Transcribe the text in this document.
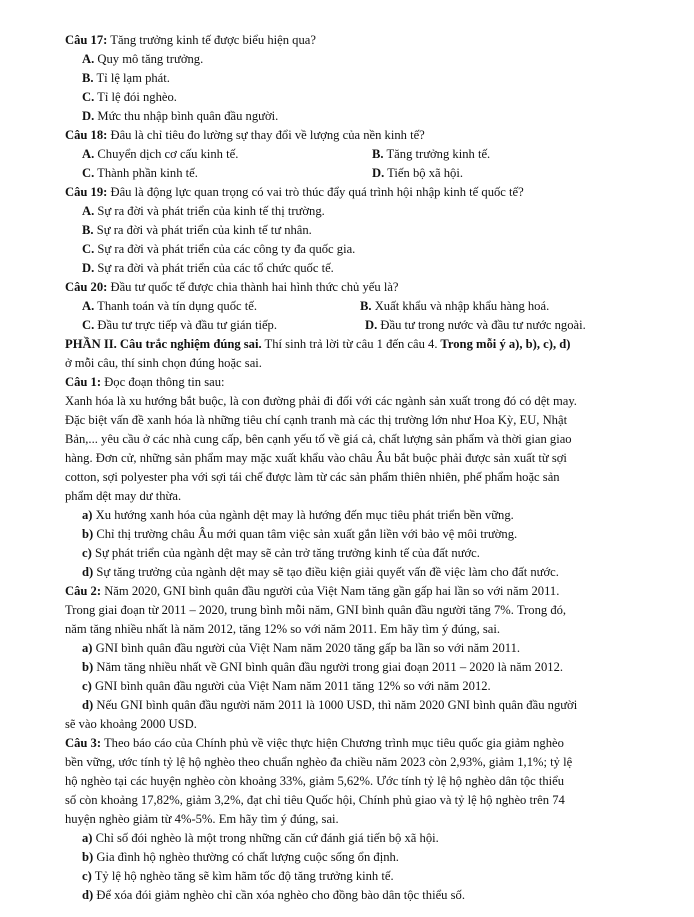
Câu 17: Tăng trưởng kinh tế được biểu hiện qua?
A. Quy mô tăng trưởng.
B. Tỉ lệ lạm phát.
C. Tỉ lệ đói nghèo.
D. Mức thu nhập bình quân đầu người.
Câu 18: Đâu là chỉ tiêu đo lường sự thay đổi về lượng của nền kinh tế?
A. Chuyển dịch cơ cấu kinh tế.	B. Tăng trưởng kinh tế.
C. Thành phần kinh tế.	D. Tiến bộ xã hội.
Câu 19: Đâu là động lực quan trọng có vai trò thúc đẩy quá trình hội nhập kinh tế quốc tế?
A. Sự ra đời và phát triển của kinh tế thị trường.
B. Sự ra đời và phát triển của kinh tế tư nhân.
C. Sự ra đời và phát triển của các công ty đa quốc gia.
D. Sự ra đời và phát triển của các tổ chức quốc tế.
Câu 20: Đầu tư quốc tế được chia thành hai hình thức chủ yếu là?
A. Thanh toán và tín dụng quốc tế.	B. Xuất khẩu và nhập khẩu hàng hoá.
C. Đầu tư trực tiếp và đầu tư gián tiếp.	D. Đầu tư trong nước và đầu tư nước ngoài.
PHẦN II. Câu trắc nghiệm đúng sai. Thí sinh trả lời từ câu 1 đến câu 4. Trong mỗi ý a), b), c), d)
ở mỗi câu, thí sinh chọn đúng hoặc sai.
Câu 1: Đọc đoạn thông tin sau:
Xanh hóa là xu hướng bắt buộc, là con đường phải đi đối với các ngành sản xuất trong đó có dệt may.
Đặc biệt vấn đề xanh hóa là những tiêu chí cạnh tranh mà các thị trường lớn như Hoa Kỳ, EU, Nhật
Bản,... yêu cầu ở các nhà cung cấp, bên cạnh yếu tố về giá cả, chất lượng sản phẩm và thời gian giao
hàng. Đơn cử, những sản phẩm may mặc xuất khẩu vào châu Âu bắt buộc phải được sản xuất từ sợi
cotton, sợi polyester pha với sợi tái chế được làm từ các sản phẩm thiên nhiên, phế phẩm hoặc sản
phẩm dệt may dư thừa.
a) Xu hướng xanh hóa của ngành dệt may là hướng đến mục tiêu phát triển bền vững.
b) Chỉ thị trường châu Âu mới quan tâm việc sản xuất gắn liền với bảo vệ môi trường.
c) Sự phát triển của ngành dệt may sẽ cản trở tăng trưởng kinh tế của đất nước.
d) Sự tăng trưởng của ngành dệt may sẽ tạo điều kiện giải quyết vấn đề việc làm cho đất nước.
Câu 2: Năm 2020, GNI bình quân đầu người của Việt Nam tăng gần gấp hai lần so với năm 2011.
Trong giai đoạn từ 2011 – 2020, trung bình mỗi năm, GNI bình quân đầu người tăng 7%. Trong đó,
năm tăng nhiều nhất là năm 2012, tăng 12% so với năm 2011. Em hãy tìm ý đúng, sai.
a) GNI bình quân đầu người của Việt Nam năm 2020 tăng gấp ba lần so với năm 2011.
b) Năm tăng nhiều nhất về GNI bình quân đầu người trong giai đoạn 2011 – 2020 là năm 2012.
c) GNI bình quân đầu người của Việt Nam năm 2011 tăng 12% so với năm 2012.
d) Nếu GNI bình quân đầu người năm 2011 là 1000 USD, thì năm 2020 GNI bình quân đầu người
sẽ vào khoảng 2000 USD.
Câu 3: Theo báo cáo của Chính phủ về việc thực hiện Chương trình mục tiêu quốc gia giảm nghèo
bền vững, ước tính tỷ lệ hộ nghèo theo chuẩn nghèo đa chiều năm 2023 còn 2,93%, giảm 1,1%; tỷ lệ
hộ nghèo tại các huyện nghèo còn khoảng 33%, giảm 5,62%. Ước tính tỷ lệ hộ nghèo dân tộc thiểu
số còn khoảng 17,82%, giảm 3,2%, đạt chỉ tiêu Quốc hội, Chính phủ giao và tỷ lệ hộ nghèo trên 74
huyện nghèo giảm từ 4%-5%. Em hãy tìm ý đúng, sai.
a) Chỉ số đói nghèo là một trong những căn cứ đánh giá tiến bộ xã hội.
b) Gia đình hộ nghèo thường có chất lượng cuộc sống ổn định.
c) Tỷ lệ hộ nghèo tăng sẽ kìm hãm tốc độ tăng trưởng kinh tế.
d) Để xóa đói giảm nghèo chỉ cần xóa nghèo cho đồng bào dân tộc thiểu số.
